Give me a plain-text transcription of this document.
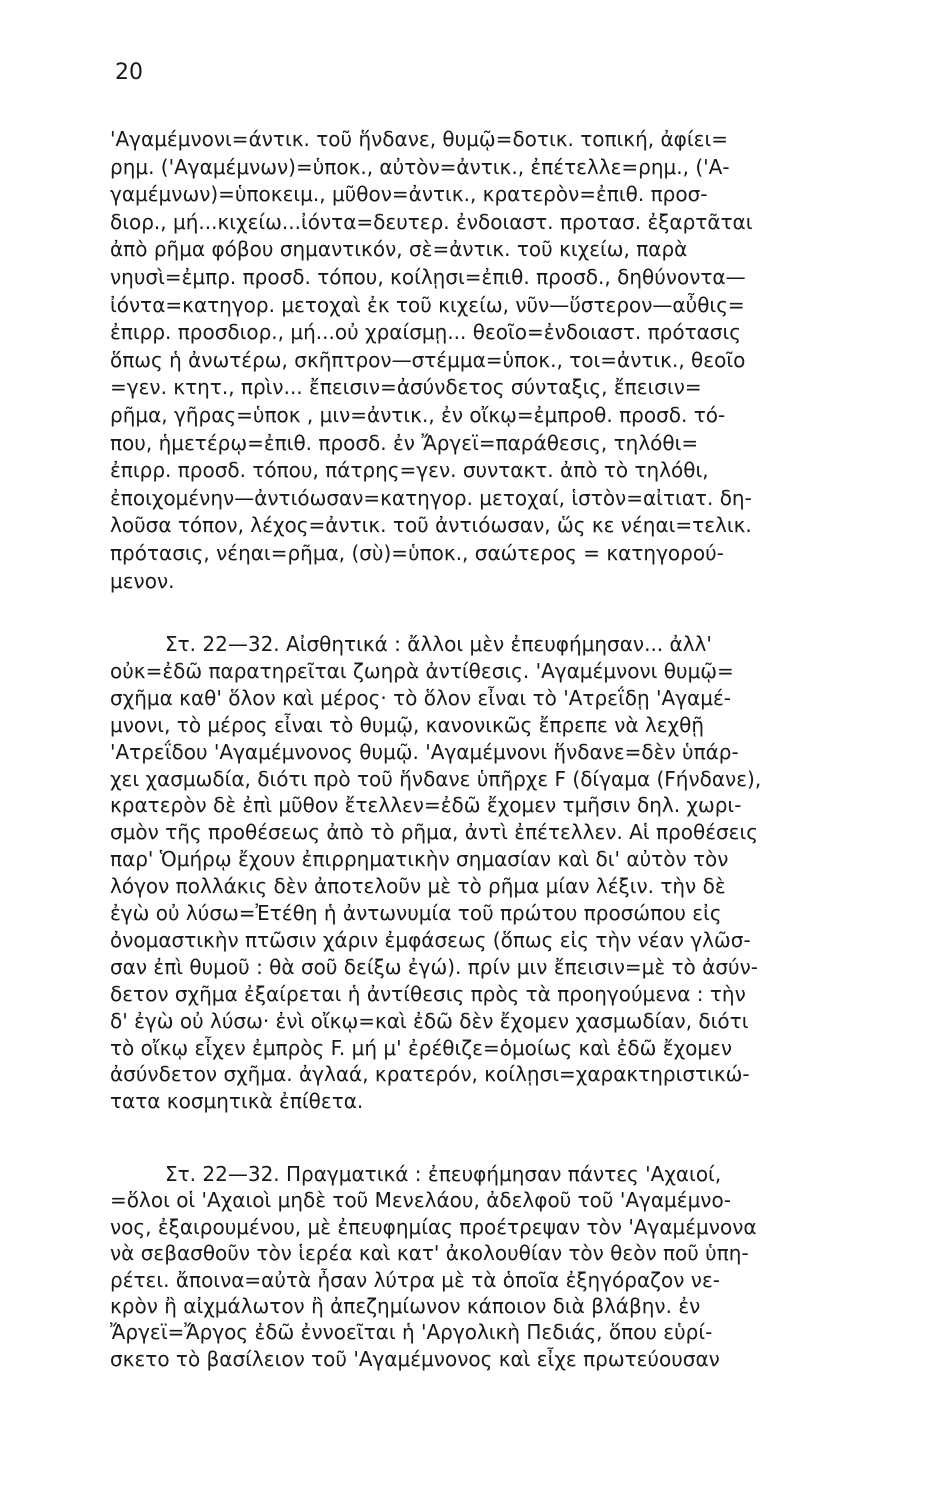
20
'Αγαμέμνονι=άντικ. τοῦ ἥνδανε, θυμῷ=δοτικ. τοπική, ἀφίει=
ρημ. ('Αγαμέμνων)=ὑποκ., αὐτὸν=ἀντικ., ἐπέτελλε=ρημ., ('Α-
γαμέμνων)=ὑποκειμ., μῦθον=ἀντικ., κρατερὸν=ἐπιθ. προσ-
διορ., μή...κιχείω...ἰόντα=δευτερ. ἐνδοιαστ. προτασ. ἐξαρτᾶται
ἀπὸ ρῆμα φόβου σημαντικόν, σὲ=ἀντικ. τοῦ κιχείω, παρὰ
νηυσὶ=ἐμπρ. προσδ. τόπου, κοίλῃσι=ἐπιθ. προσδ., δηθύνοντα—
ἰόντα=κατηγορ. μετοχαὶ ἐκ τοῦ κιχείω, νῦν—ὕστερον—αὖθις=
ἐπιρρ. προσδιορ., μή...οὐ χραίσμῃ... θεοῖο=ἐνδοιαστ. πρότασις
ὅπως ἡ ἀνωτέρω, σκῆπτρον—στέμμα=ὑποκ., τοι=ἀντικ., θεοῖο
=γεν. κτητ., πρὶν... ἔπεισιν=ἀσύνδετος σύνταξις, ἔπεισιν=
ρῆμα, γῆρας=ὑποκ , μιν=ἀντικ., ἐν οἴκῳ=ἐμπροθ. προσδ. τό-
που, ἡμετέρῳ=ἐπιθ. προσδ. ἐν Ἄργεϊ=παράθεσις, τηλόθι=
ἐπιρρ. προσδ. τόπου, πάτρης=γεν. συντακτ. ἀπὸ τὸ τηλόθι,
ἐποιχομένην—ἀντιόωσαν=κατηγορ. μετοχαί, ἱστὸν=αἰτιατ. δη-
λοῦσα τόπον, λέχος=ἀντικ. τοῦ ἀντιόωσαν, ὥς κε νέηαι=τελικ.
πρότασις, νέηαι=ρῆμα, (σὺ)=ὑποκ., σαώτερος = κατηγορού-
μενον.
Στ. 22—32. Αἰσθητικά : ἄλλοι μὲν ἐπευφήμησαν... ἀλλ'
οὐκ=ἐδῶ παρατηρεῖται ζωηρὰ ἀντίθεσις. 'Αγαμέμνονι θυμῷ=
σχῆμα καθ' ὅλον καὶ μέρος· τὸ ὅλον εἶναι τὸ 'Ατρεΐδῃ 'Αγαμέ-
μνονι, τὸ μέρος εἶναι τὸ θυμῷ, κανονικῶς ἔπρεπε νὰ λεχθῇ
'Ατρεΐδου 'Αγαμέμνονος θυμῷ. 'Αγαμέμνονι ἥνδανε=δὲν ὑπάρ-
χει χασμωδία, διότι πρὸ τοῦ ἥνδανε ὑπῆρχε F (δίγαμα (Fήνδανε),
κρατερὸν δὲ ἐπὶ μῦθον ἔτελλεν=ἐδῶ ἔχομεν τμῆσιν δηλ. χωρι-
σμὸν τῆς προθέσεως ἀπὸ τὸ ρῆμα, ἀντὶ ἐπέτελλεν. Αἱ προθέσεις
παρ' Ὁμήρῳ ἔχουν ἐπιρρηματικὴν σημασίαν καὶ δι' αὐτὸν τὸν
λόγον πολλάκις δὲν ἀποτελοῦν μὲ τὸ ρῆμα μίαν λέξιν. τὴν δὲ
ἐγὼ οὐ λύσω=Ἐτέθη ἡ ἀντωνυμία τοῦ πρώτου προσώπου εἰς
ὀνομαστικὴν πτῶσιν χάριν ἐμφάσεως (ὅπως εἰς τὴν νέαν γλῶσ-
σαν ἐπὶ θυμοῦ : θὰ σοῦ δείξω ἐγώ). πρίν μιν ἔπεισιν=μὲ τὸ ἀσύν-
δετον σχῆμα ἐξαίρεται ἡ ἀντίθεσις πρὸς τὰ προηγούμενα : τὴν
δ' ἐγὼ οὐ λύσω· ἐνὶ οἴκῳ=καὶ ἐδῶ δὲν ἔχομεν χασμωδίαν, διότι
τὸ οἴκῳ εἶχεν ἐμπρὸς F. μή μ' ἐρέθιζε=ὁμοίως καὶ ἐδῶ ἔχομεν
ἀσύνδετον σχῆμα. ἀγλαά, κρατερόν, κοίλῃσι=χαρακτηριστικώ-
τατα κοσμητικὰ ἐπίθετα.
Στ. 22—32. Πραγματικά : ἐπευφήμησαν πάντες 'Αχαιοί,
=ὅλοι οἱ 'Αχαιοὶ μηδὲ τοῦ Μενελάου, ἀδελφοῦ τοῦ 'Αγαμέμνο-
νος, ἐξαιρουμένου, μὲ ἐπευφημίας προέτρεψαν τὸν 'Αγαμέμνονα
νὰ σεβασθοῦν τὸν ἱερέα καὶ κατ' ἀκολουθίαν τὸν θεὸν ποῦ ὑπη-
ρέτει. ἄποινα=αὐτὰ ἦσαν λύτρα μὲ τὰ ὁποῖα ἐξηγόραζον νε-
κρὸν ἢ αἰχμάλωτον ἢ ἀπεζημίωνον κάποιον διὰ βλάβην. ἐν
Ἄργεϊ=Ἄργος ἐδῶ ἐννοεῖται ἡ 'Αργολικὴ Πεδιάς, ὅπου εὑρί-
σκετο τὸ βασίλειον τοῦ 'Αγαμέμνονος καὶ εἶχε πρωτεύουσαν
